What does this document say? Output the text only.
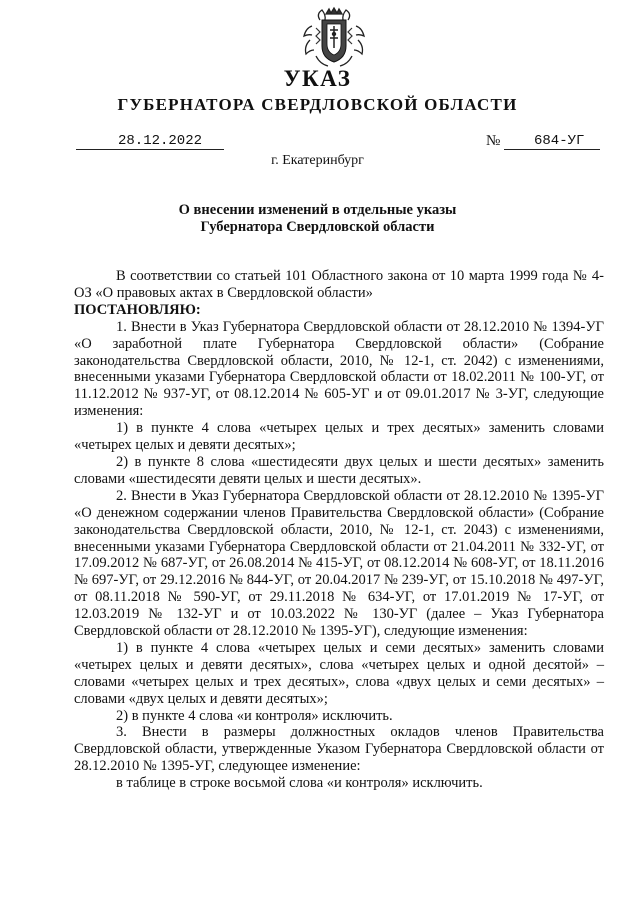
УКАЗ
ГУБЕРНАТОРА СВЕРДЛОВСКОЙ ОБЛАСТИ
28.12.2022	№ 684-УГ
г. Екатеринбург
О внесении изменений в отдельные указы
Губернатора Свердловской области

В соответствии со статьей 101 Областного закона от 10 марта 1999 года № 4-ОЗ «О правовых актах в Свердловской области»

ПОСТАНОВЛЯЮ:

1. Внести в Указ Губернатора Свердловской области от 28.12.2010 № 1394-УГ «О заработной плате Губернатора Свердловской области» (Собрание законодательства Свердловской области, 2010, № 12-1, ст. 2042) с изменениями, внесенными указами Губернатора Свердловской области от 18.02.2011 № 100-УГ, от 11.12.2012 № 937-УГ, от 08.12.2014 № 605-УГ и от 09.01.2017 № 3-УГ, следующие изменения:

1) в пункте 4 слова «четырех целых и трех десятых» заменить словами «четырех целых и девяти десятых»;

2) в пункте 8 слова «шестидесяти двух целых и шести десятых» заменить словами «шестидесяти девяти целых и шести десятых».

2. Внести в Указ Губернатора Свердловской области от 28.12.2010 № 1395-УГ «О денежном содержании членов Правительства Свердловской области» (Собрание законодательства Свердловской области, 2010, № 12-1, ст. 2043) с изменениями, внесенными указами Губернатора Свердловской области от 21.04.2011 № 332-УГ, от 17.09.2012 № 687-УГ, от 26.08.2014 № 415-УГ, от 08.12.2014 № 608-УГ, от 18.11.2016 № 697-УГ, от 29.12.2016 № 844-УГ, от 20.04.2017 № 239-УГ, от 15.10.2018 № 497-УГ, от 08.11.2018 № 590-УГ, от 29.11.2018 № 634-УГ, от 17.01.2019 № 17-УГ, от 12.03.2019 № 132-УГ и от 10.03.2022 № 130-УГ (далее – Указ Губернатора Свердловской области от 28.12.2010 № 1395-УГ), следующие изменения:

1) в пункте 4 слова «четырех целых и семи десятых» заменить словами «четырех целых и девяти десятых», слова «четырех целых и одной десятой» – словами «четырех целых и трех десятых», слова «двух целых и семи десятых» – словами «двух целых и девяти десятых»;

2) в пункте 4 слова «и контроля» исключить.

3. Внести в размеры должностных окладов членов Правительства Свердловской области, утвержденные Указом Губернатора Свердловской области от 28.12.2010 № 1395-УГ, следующее изменение:

в таблице в строке восьмой слова «и контроля» исключить.
